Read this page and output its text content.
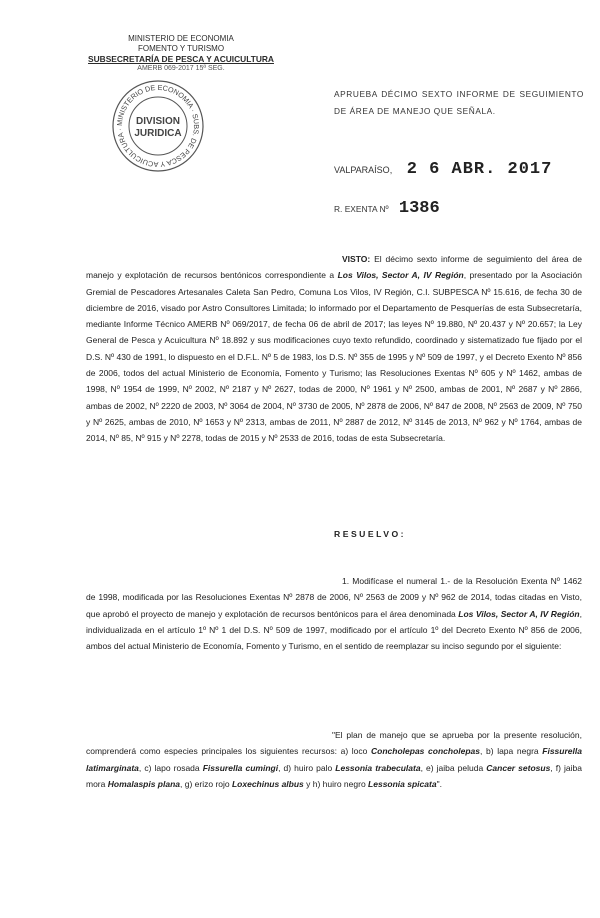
MINISTERIO DE ECONOMIA
FOMENTO Y TURISMO
SUBSECRETARÍA DE PESCA Y ACUICULTURA
AMERB 069-2017 15ª SEG.
MINISTERIO DE ECONOMIA · SUBS. DE PESCA Y ACUICULTURA ·
DIVISION
JURIDICA
APRUEBA DÉCIMO SEXTO INFORME DE SEGUIMIENTO DE ÁREA DE MANEJO QUE SEÑALA.
VALPARAÍSO, 2 6 ABR. 2017
R. EXENTA Nº 1386
VISTO: El décimo sexto informe de seguimiento del área de manejo y explotación de recursos bentónicos correspondiente a Los Vilos, Sector A, IV Región, presentado por la Asociación Gremial de Pescadores Artesanales Caleta San Pedro, Comuna Los Vilos, IV Región, C.I. SUBPESCA Nº 15.616, de fecha 30 de diciembre de 2016, visado por Astro Consultores Limitada; lo informado por el Departamento de Pesquerías de esta Subsecretaría, mediante Informe Técnico AMERB Nº 069/2017, de fecha 06 de abril de 2017; las leyes Nº 19.880, Nº 20.437 y Nº 20.657; la Ley General de Pesca y Acuicultura Nº 18.892 y sus modificaciones cuyo texto refundido, coordinado y sistematizado fue fijado por el D.S. Nº 430 de 1991, lo dispuesto en el D.F.L. Nº 5 de 1983, los D.S. Nº 355 de 1995 y Nº 509 de 1997, y el Decreto Exento Nº 856 de 2006, todos del actual Ministerio de Economía, Fomento y Turismo; las Resoluciones Exentas Nº 605 y Nº 1462, ambas de 1998, Nº 1954 de 1999, Nº 2002, Nº 2187 y Nº 2627, todas de 2000, Nº 1961 y Nº 2500, ambas de 2001, Nº 2687 y Nº 2866, ambas de 2002, Nº 2220 de 2003, Nº 3064 de 2004, Nº 3730 de 2005, Nº 2878 de 2006, Nº 847 de 2008, Nº 2563 de 2009, Nº 750 y Nº 2625, ambas de 2010, Nº 1653 y Nº 2313, ambas de 2011, Nº 2887 de 2012, Nº 3145 de 2013, Nº 962 y Nº 1764, ambas de 2014, Nº 85, Nº 915 y Nº 2278, todas de 2015 y Nº 2533 de 2016, todas de esta Subsecretaría.
RESUELVO:
1. Modifícase el numeral 1.- de la Resolución Exenta Nº 1462 de 1998, modificada por las Resoluciones Exentas Nº 2878 de 2006, Nº 2563 de 2009 y Nº 962 de 2014, todas citadas en Visto, que aprobó el proyecto de manejo y explotación de recursos bentónicos para el área denominada Los Vilos, Sector A, IV Región, individualizada en el artículo 1º Nº 1 del D.S. Nº 509 de 1997, modificado por el artículo 1º del Decreto Exento Nº 856 de 2006, ambos del actual Ministerio de Economía, Fomento y Turismo, en el sentido de reemplazar su inciso segundo por el siguiente:
"El plan de manejo que se aprueba por la presente resolución, comprenderá como especies principales los siguientes recursos: a) loco Concholepas concholepas, b) lapa negra Fissurella latimarginata, c) lapo rosada Fissurella cumingi, d) huiro palo Lessonia trabeculata, e) jaiba peluda Cancer setosus, f) jaiba mora Homalaspis plana, g) erizo rojo Loxechinus albus y h) huiro negro Lessonia spicata".
